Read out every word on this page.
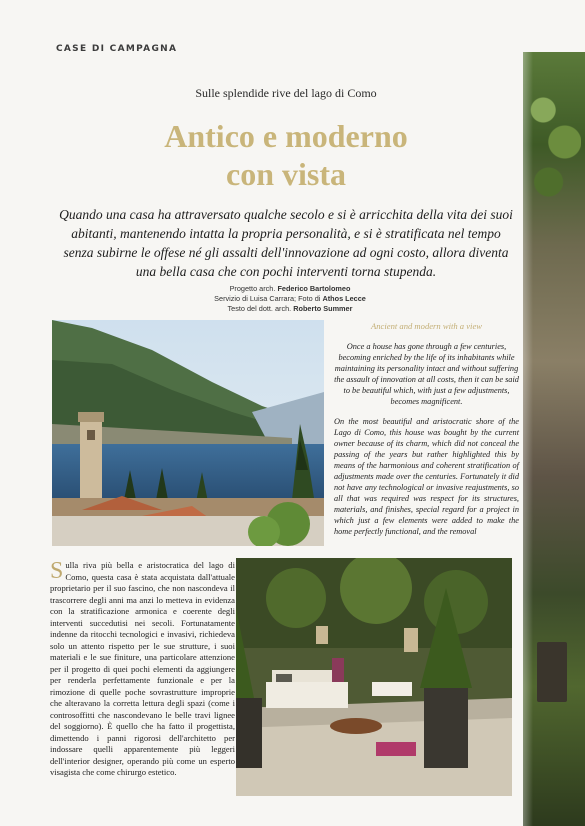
CASE DI CAMPAGNA
Sulle splendide rive del lago di Como
Antico e moderno
con vista

Quando una casa ha attraversato qualche secolo e si è arricchita della vita dei suoi abitanti, mantenendo intatta la propria personalità, e si è stratificata nel tempo senza subirne le offese né gli assalti dell'innovazione ad ogni costo, allora diventa una bella casa che con pochi interventi torna stupenda.

Progetto arch. Federico Bartolomeo
Servizio di Luisa Carrara; Foto di Athos Lecce
Testo del dott. arch. Roberto Summer
Ancient and modern with a view

Once a house has gone through a few centuries, becoming enriched by the life of its inhabitants while maintaining its personality intact and without suffering the assault of innovation at all costs, then it can be said to be beautiful which, with just a few adjustments, becomes magnificent.

On the most beautiful and aristocratic shore of the Lago di Como, this house was bought by the current owner because of its charm, which did not conceal the passing of the years but rather highlighted this by means of the harmonious and coherent stratification of adjustments made over the centuries. Fortunately it did not have any technological or invasive reajustments, so all that was required was respect for its structures, materials, and finishes, special regard for a project in which just a few elements were added to make the home perfectly functional, and the removal

S ulla riva più bella e aristocratica del lago di Como, questa casa è stata acquistata dall'attuale proprietario per il suo fascino, che non nascondeva il trascorrere degli anni ma anzi lo metteva in evidenza con la stratificazione armonica e coerente degli interventi succedutisi nei secoli. Fortunatamente indenne da ritocchi tecnologici e invasivi, richiedeva solo un attento rispetto per le sue strutture, i suoi materiali e le sue finiture, una particolare attenzione per il progetto di quei pochi elementi da aggiungere per renderla perfettamente funzionale e per la rimozione di quelle poche sovrastrutture improprie che alteravano la corretta lettura degli spazi (come i controsoffitti che nascondevano le belle travi lignee del soggiorno). È quello che ha fatto il progettista, dimettendo i panni rigorosi dell'architetto per indossare quelli apparentemente più leggeri dell'interior designer, operando più come un esperto visagista che come chirurgo estetico.
